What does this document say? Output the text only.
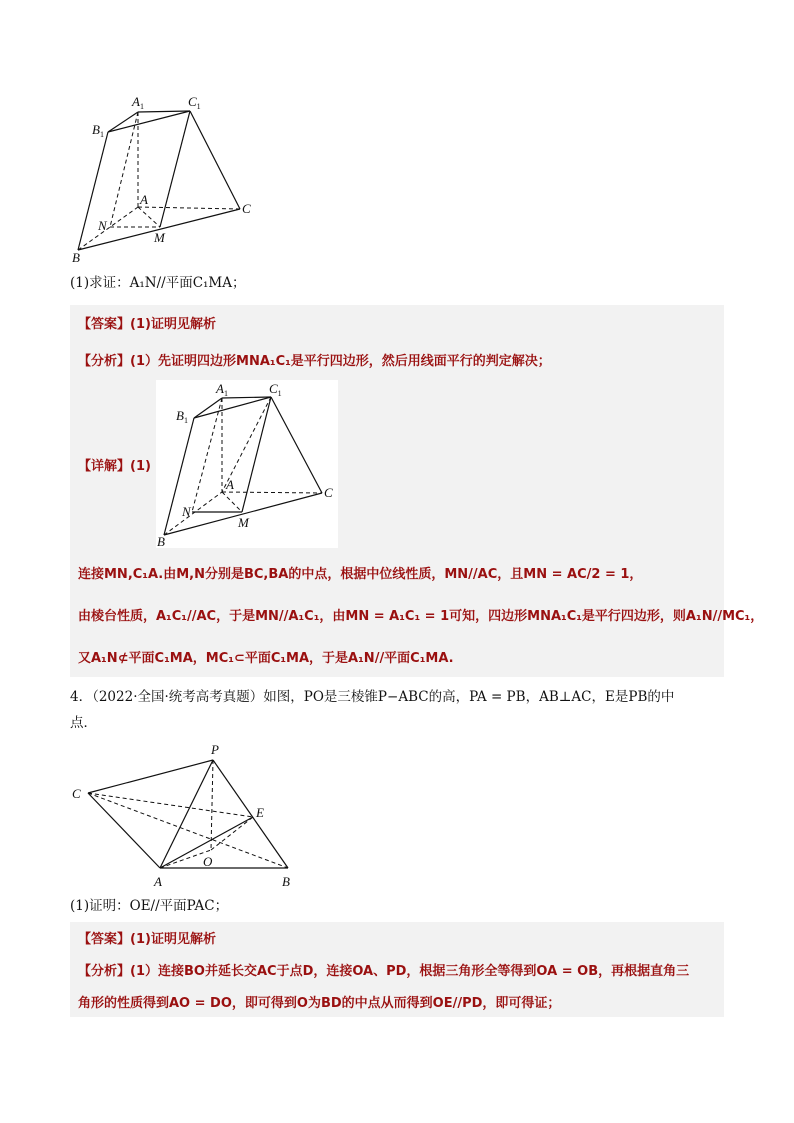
$A_1$	$C_1$
$B_1$
A
C
B
N
M
(1)求证：A₁N//平面C₁MA；
【答案】(1)证明见解析
【分析】(1）先证明四边形MNA₁C₁是平行四边形，然后用线面平行的判定解决；
【详解】(1)
$A_1$	$C_1$
$B_1$
A
C
B
N
M
连接MN,C₁A.由M,N分别是BC,BA的中点，根据中位线性质，MN//AC，且MN = AC/2 = 1，
由棱台性质，A₁C₁//AC，于是MN//A₁C₁，由MN = A₁C₁ = 1可知，四边形MNA₁C₁是平行四边形，则A₁N//MC₁，
又A₁N⊄平面C₁MA，MC₁⊂平面C₁MA，于是A₁N//平面C₁MA.
4．（2022·全国·统考高考真题）如图，PO是三棱锥P−ABC的高，PA = PB，AB⊥AC，E是PB的中
点．
P
C
E
O
A	B
(1)证明：OE//平面PAC；
【答案】(1)证明见解析
【分析】(1）连接BO并延长交AC于点D，连接OA、PD，根据三角形全等得到OA = OB，再根据直角三
角形的性质得到AO = DO，即可得到O为BD的中点从而得到OE//PD，即可得证；
